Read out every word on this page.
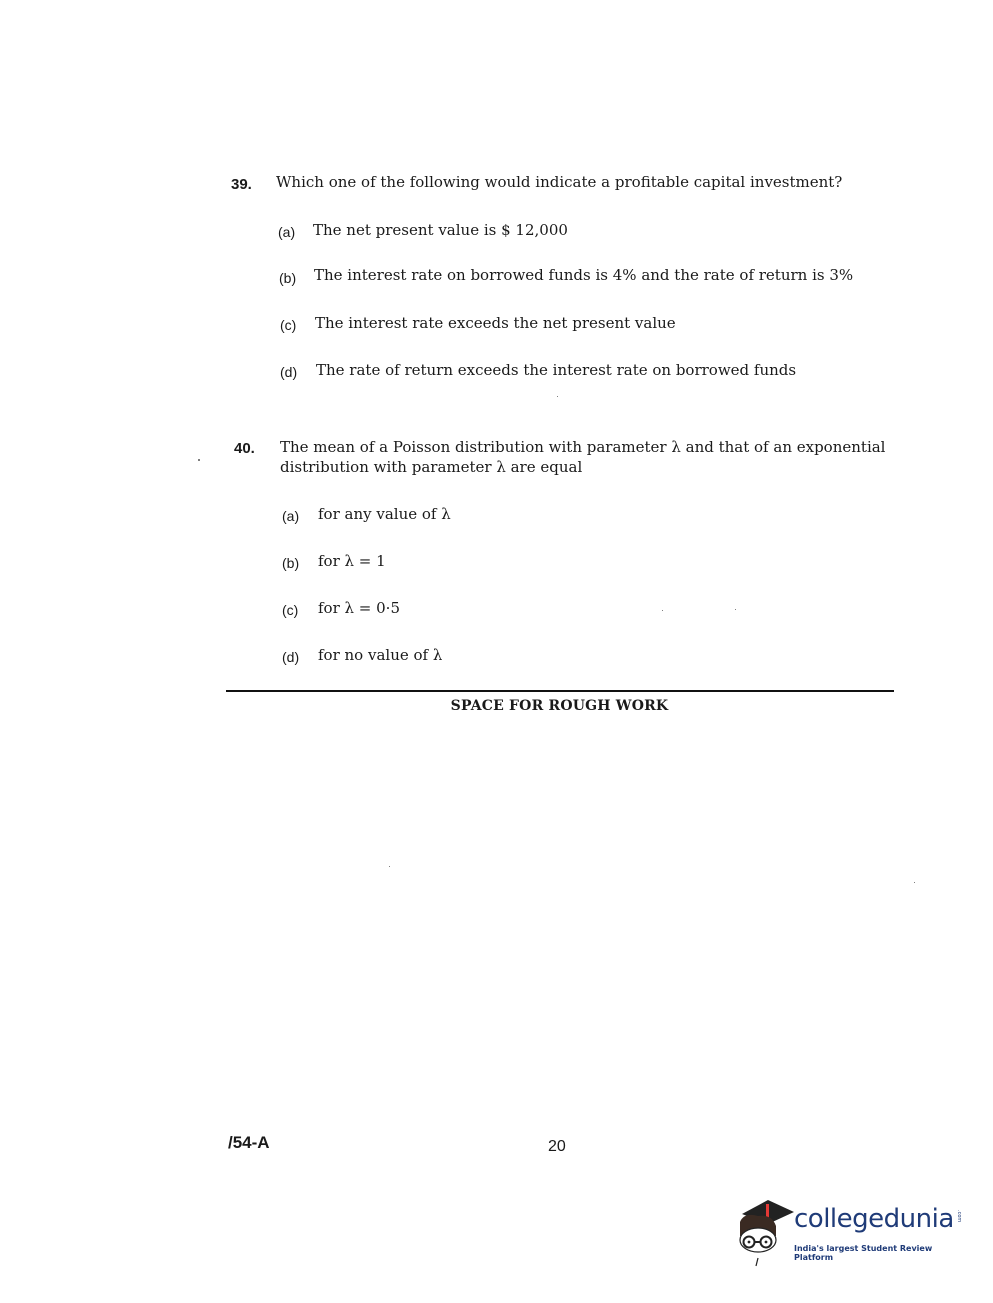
39. Which one of the following would indicate a profitable capital investment?
(a) The net present value is $ 12,000
(b) The interest rate on borrowed funds is 4% and the rate of return is 3%
(c) The interest rate exceeds the net present value
(d) The rate of return exceeds the interest rate on borrowed funds
40. The mean of a Poisson distribution with parameter λ and that of an exponential
distribution with parameter λ are equal
(a) for any value of λ
(b) for λ = 1
(c) for λ = 0·5
(d) for no value of λ
SPACE FOR ROUGH WORK
/54-A	20
collegedunia .com
India's largest Student Review Platform
